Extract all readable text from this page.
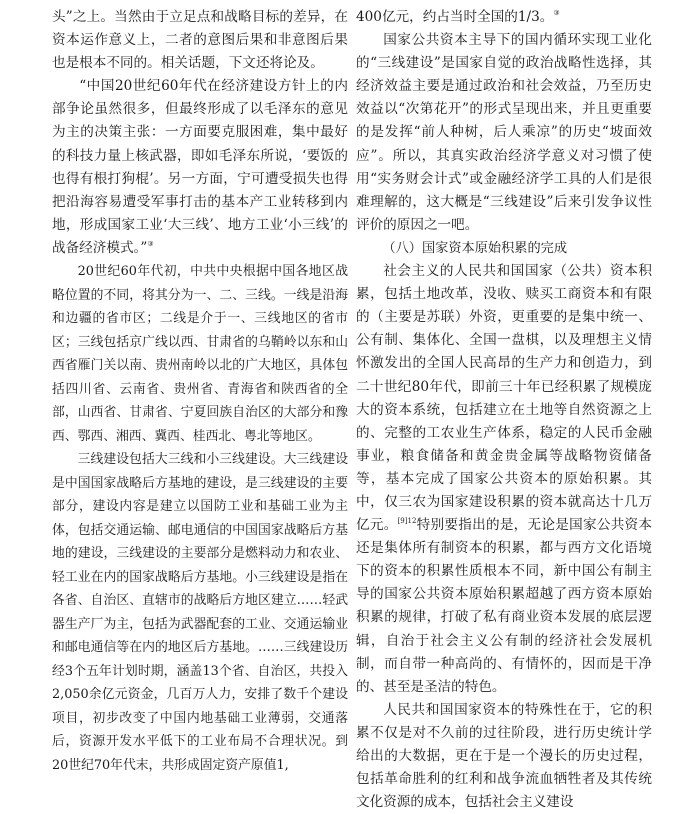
头”之上。当然由于立足点和战略目标的差异，在资本运作意义上，二者的意图后果和非意图后果也是根本不同的。相关话题，下文还将论及。

“中国20世纪60年代在经济建设方针上的内部争论虽然很多，但最终形成了以毛泽东的意见为主的决策主张：一方面要克服困难，集中最好的科技力量上核武器，即如毛泽东所说，‘要饭的也得有根打狗棍’。另一方面，宁可遭受损失也得把沿海容易遭受军事打击的基本产工业转移到内地，形成国家工业‘大三线’、地方工业‘小三线’的战备经济模式。”③

20世纪60年代初，中共中央根据中国各地区战略位置的不同，将其分为一、二、三线。一线是沿海和边疆的省市区；二线是介于一、三线地区的省市区；三线包括京广线以西、甘肃省的乌鞘岭以东和山西省雁门关以南、贵州南岭以北的广大地区，具体包括四川省、云南省、贵州省、青海省和陕西省的全部，山西省、甘肃省、宁夏回族自治区的大部分和豫西、鄂西、湘西、冀西、桂西北、粤北等地区。

三线建设包括大三线和小三线建设。大三线建设是中国国家战略后方基地的建设，是三线建设的主要部分，建设内容是建立以国防工业和基础工业为主体，包括交通运输、邮电通信的中国国家战略后方基地的建设，三线建设的主要部分是燃料动力和农业、轻工业在内的国家战略后方基地。小三线建设是指在各省、自治区、直辖市的战略后方地区建立……轻武器生产厂为主，包括为武器配套的工业、交通运输业和邮电通信等在内的地区后方基地。……三线建设历经3个五年计划时期，涵盖13个省、自治区，共投入2,050余亿元资金，几百万人力，安排了数千个建设项目，初步改变了中国内地基础工业薄弱，交通落后，资源开发水平低下的工业布局不合理状况。到20世纪70年代末，共形成固定资产原值1,

400亿元，约占当时全国的1/3。③

国家公共资本主导下的国内循环实现工业化的“三线建设”是国家自觉的政治战略性选择，其经济效益主要是通过政治和社会效益，乃至历史效益以“次第花开”的形式呈现出来，并且更重要的是发挥“前人种树，后人乘凉”的历史“坡面效应”。所以，其真实政治经济学意义对习惯了使用“实务财会计式”或金融经济学工具的人们是很难理解的，这大概是“三线建设”后来引发争议性评价的原因之一吧。

（八）国家资本原始积累的完成

社会主义的人民共和国国家（公共）资本积累，包括土地改革，没收、赎买工商资本和有限的（主要是苏联）外资，更重要的是集中统一、公有制、集体化、全国一盘棋，以及理想主义情怀激发出的全国人民高昂的生产力和创造力，到二十世纪80年代，即前三十年已经积累了规模庞大的资本系统，包括建立在土地等自然资源之上的、完整的工农业生产体系，稳定的人民币金融事业，粮食储备和黄金贵金属等战略物资储备等，基本完成了国家公共资本的原始积累。其中，仅三农为国家建设积累的资本就高达十几万亿元。$^{[9]12}$特别要指出的是，无论是国家公共资本还是集体所有制资本的积累，都与西方文化语境下的资本的积累性质根本不同，新中国公有制主导的国家公共资本原始积累超越了西方资本原始积累的规律，打破了私有商业资本发展的底层逻辑，自治于社会主义公有制的经济社会发展机制，而自带一种高尚的、有情怀的，因而是干净的、甚至是圣洁的特色。

人民共和国国家资本的特殊性在于，它的积累不仅是对不久前的过往阶段，进行历史统计学给出的大数据，更在于是一个漫长的历史过程，包括革命胜利的红利和战争流血牺牲者及其传统文化资源的成本，包括社会主义建设
